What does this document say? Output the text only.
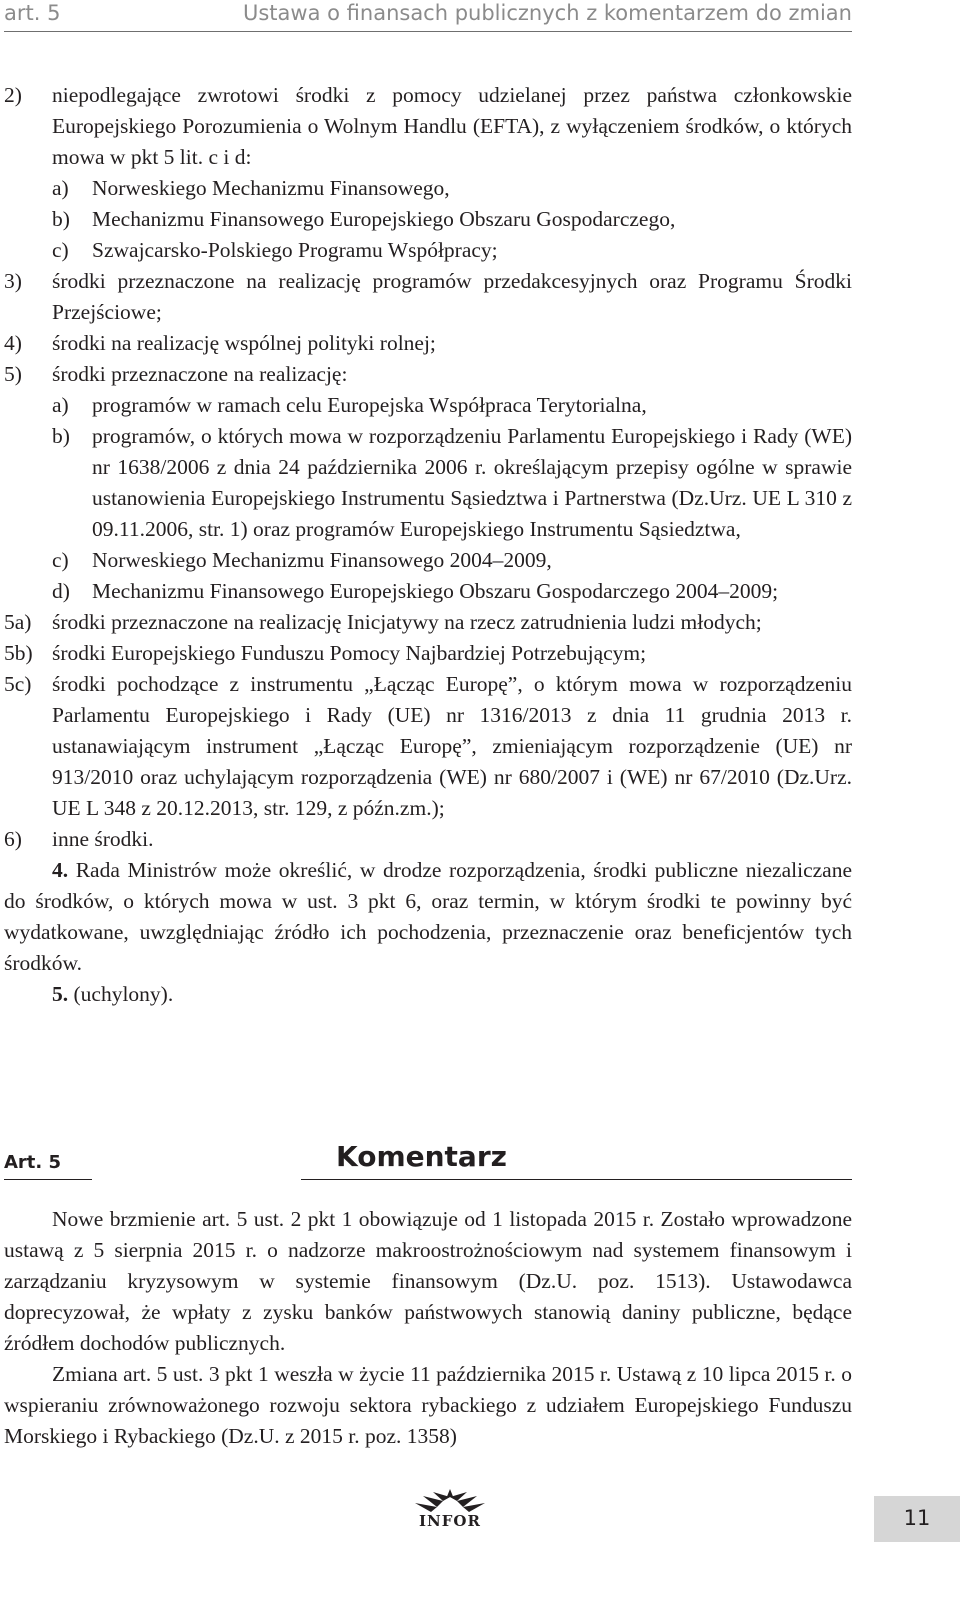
art. 5	Ustawa o finansach publicznych z komentarzem do zmian
2) niepodlegające zwrotowi środki z pomocy udzielanej przez państwa członkowskie Europejskiego Porozumienia o Wolnym Handlu (EFTA), z wyłączeniem środków, o których mowa w pkt 5 lit. c i d:
a) Norweskiego Mechanizmu Finansowego,
b) Mechanizmu Finansowego Europejskiego Obszaru Gospodarczego,
c) Szwajcarsko-Polskiego Programu Współpracy;
3) środki przeznaczone na realizację programów przedakcesyjnych oraz Programu Środki Przejściowe;
4) środki na realizację wspólnej polityki rolnej;
5) środki przeznaczone na realizację:
a) programów w ramach celu Europejska Współpraca Terytorialna,
b) programów, o których mowa w rozporządzeniu Parlamentu Europejskiego i Rady (WE) nr 1638/2006 z dnia 24 października 2006 r. określającym przepisy ogólne w sprawie ustanowienia Europejskiego Instrumentu Sąsiedztwa i Partnerstwa (Dz.Urz. UE L 310 z 09.11.2006, str. 1) oraz programów Europejskiego Instrumentu Sąsiedztwa,
c) Norweskiego Mechanizmu Finansowego 2004–2009,
d) Mechanizmu Finansowego Europejskiego Obszaru Gospodarczego 2004–2009;
5a) środki przeznaczone na realizację Inicjatywy na rzecz zatrudnienia ludzi młodych;
5b) środki Europejskiego Funduszu Pomocy Najbardziej Potrzebującym;
5c) środki pochodzące z instrumentu „Łącząc Europę”, o którym mowa w rozporządzeniu Parlamentu Europejskiego i Rady (UE) nr 1316/2013 z dnia 11 grudnia 2013 r. ustanawiającym instrument „Łącząc Europę”, zmieniającym rozporządzenie (UE) nr 913/2010 oraz uchylającym rozporządzenia (WE) nr 680/2007 i (WE) nr 67/2010 (Dz.Urz. UE L 348 z 20.12.2013, str. 129, z późn.zm.);
6) inne środki.
4. Rada Ministrów może określić, w drodze rozporządzenia, środki publiczne niezaliczane do środków, o których mowa w ust. 3 pkt 6, oraz termin, w którym środki te powinny być wydatkowane, uwzględniając źródło ich pochodzenia, przeznaczenie oraz beneficjentów tych środków.
5. (uchylony).
Art. 5	Komentarz
Nowe brzmienie art. 5 ust. 2 pkt 1 obowiązuje od 1 listopada 2015 r. Zostało wprowadzone ustawą z 5 sierpnia 2015 r. o nadzorze makroostrożnościowym nad systemem finansowym i zarządzaniu kryzysowym w systemie finansowym (Dz.U. poz. 1513). Ustawodawca doprecyzował, że wpłaty z zysku banków państwowych stanowią daniny publiczne, będące źródłem dochodów publicznych.
Zmiana art. 5 ust. 3 pkt 1 weszła w życie 11 października 2015 r. Ustawą z 10 lipca 2015 r. o wspieraniu zrównoważonego rozwoju sektora rybackiego z udziałem Europejskiego Funduszu Morskiego i Rybackiego (Dz.U. z 2015 r. poz. 1358)
INFOR	11
